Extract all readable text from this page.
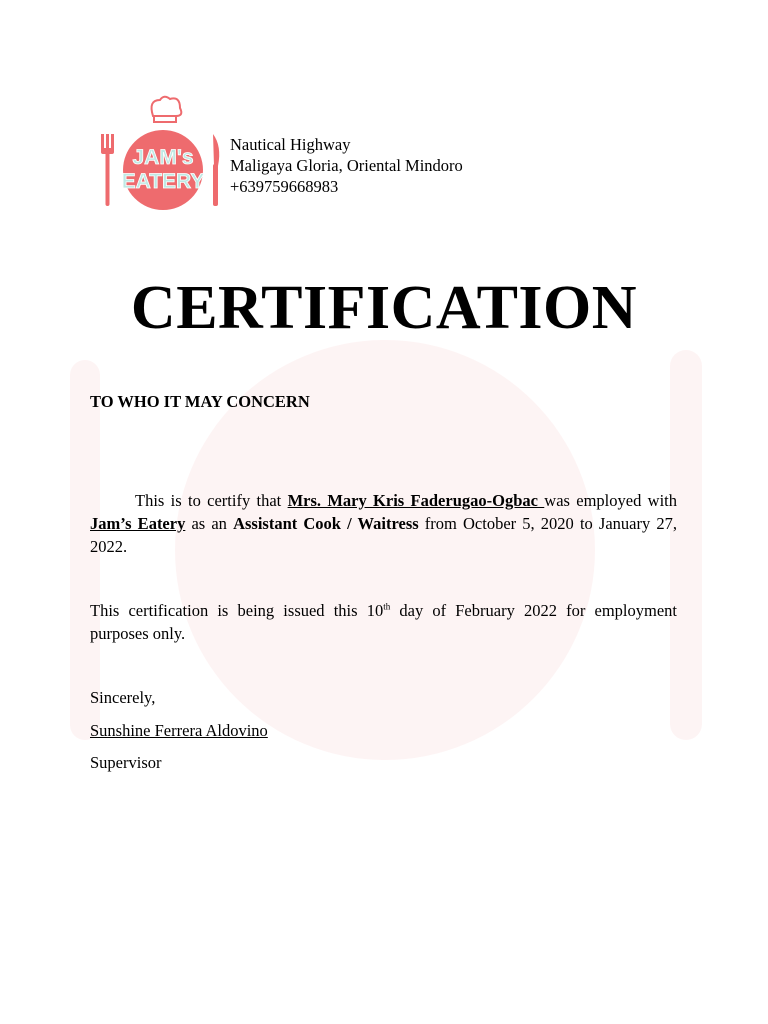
JAM's
EATERY
Nautical Highway
Maligaya Gloria, Oriental Mindoro
+639759668983
CERTIFICATION
TO WHO IT MAY CONCERN
This is to certify that Mrs. Mary Kris Faderugao-Ogbac was employed with Jam’s Eatery as an Assistant Cook / Waitress from October 5, 2020 to January 27, 2022.
This certification is being issued this 10th day of February 2022 for employment purposes only.
Sincerely,
Sunshine Ferrera Aldovino
Supervisor
